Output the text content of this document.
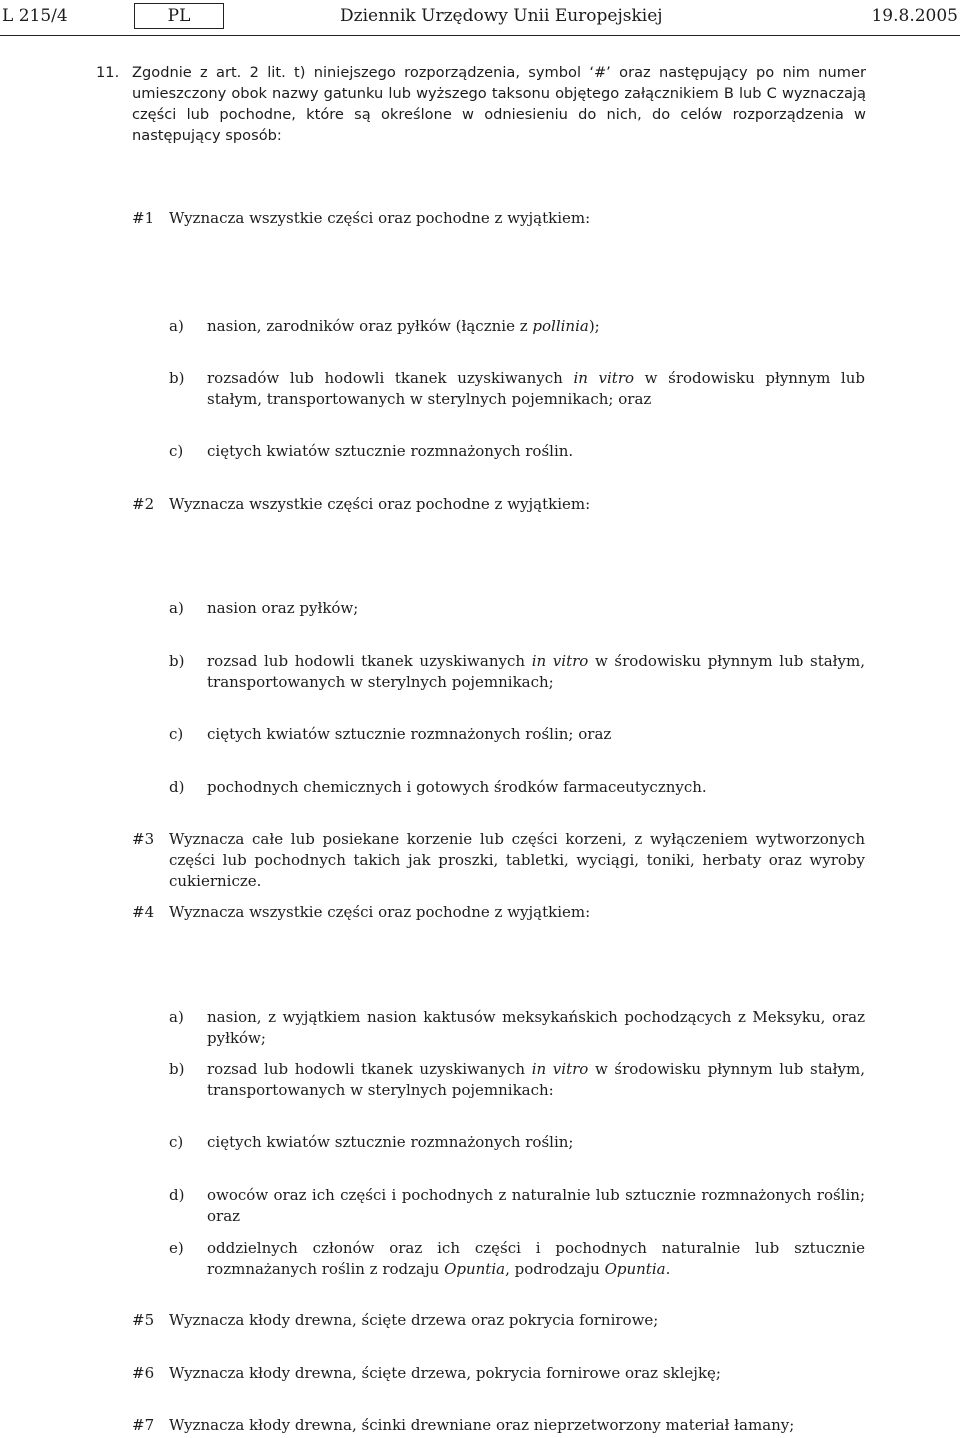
L 215/4	PL	Dziennik Urzędowy Unii Europejskiej	19.8.2005
11. Zgodnie z art. 2 lit. t) niniejszego rozporządzenia, symbol ‘#’ oraz następujący po nim numer umieszczony obok nazwy gatunku lub wyższego taksonu objętego załącznikiem B lub C wyznaczają części lub pochodne, które są określone w odniesieniu do nich, do celów rozporządzenia w następujący sposób:
#1 Wyznacza wszystkie części oraz pochodne z wyjątkiem:
a) nasion, zarodników oraz pyłków (łącznie z pollinia);
b) rozsadów lub hodowli tkanek uzyskiwanych in vitro w środowisku płynnym lub stałym, transportowanych w sterylnych pojemnikach; oraz
c) ciętych kwiatów sztucznie rozmnażonych roślin.
#2 Wyznacza wszystkie części oraz pochodne z wyjątkiem:
a) nasion oraz pyłków;
b) rozsad lub hodowli tkanek uzyskiwanych in vitro w środowisku płynnym lub stałym, transportowanych w sterylnych pojemnikach;
c) ciętych kwiatów sztucznie rozmnażonych roślin; oraz
d) pochodnych chemicznych i gotowych środków farmaceutycznych.
#3 Wyznacza całe lub posiekane korzenie lub części korzeni, z wyłączeniem wytworzonych części lub pochodnych takich jak proszki, tabletki, wyciągi, toniki, herbaty oraz wyroby cukiernicze.
#4 Wyznacza wszystkie części oraz pochodne z wyjątkiem:
a) nasion, z wyjątkiem nasion kaktusów meksykańskich pochodzących z Meksyku, oraz pyłków;
b) rozsad lub hodowli tkanek uzyskiwanych in vitro w środowisku płynnym lub stałym, transportowanych w sterylnych pojemnikach:
c) ciętych kwiatów sztucznie rozmnażonych roślin;
d) owoców oraz ich części i pochodnych z naturalnie lub sztucznie rozmnażonych roślin; oraz
e) oddzielnych członów oraz ich części i pochodnych naturalnie lub sztucznie rozmnażanych roślin z rodzaju Opuntia, podrodzaju Opuntia.
#5 Wyznacza kłody drewna, ścięte drzewa oraz pokrycia fornirowe;
#6 Wyznacza kłody drewna, ścięte drzewa, pokrycia fornirowe oraz sklejkę;
#7 Wyznacza kłody drewna, ścinki drewniane oraz nieprzetworzony materiał łamany;
